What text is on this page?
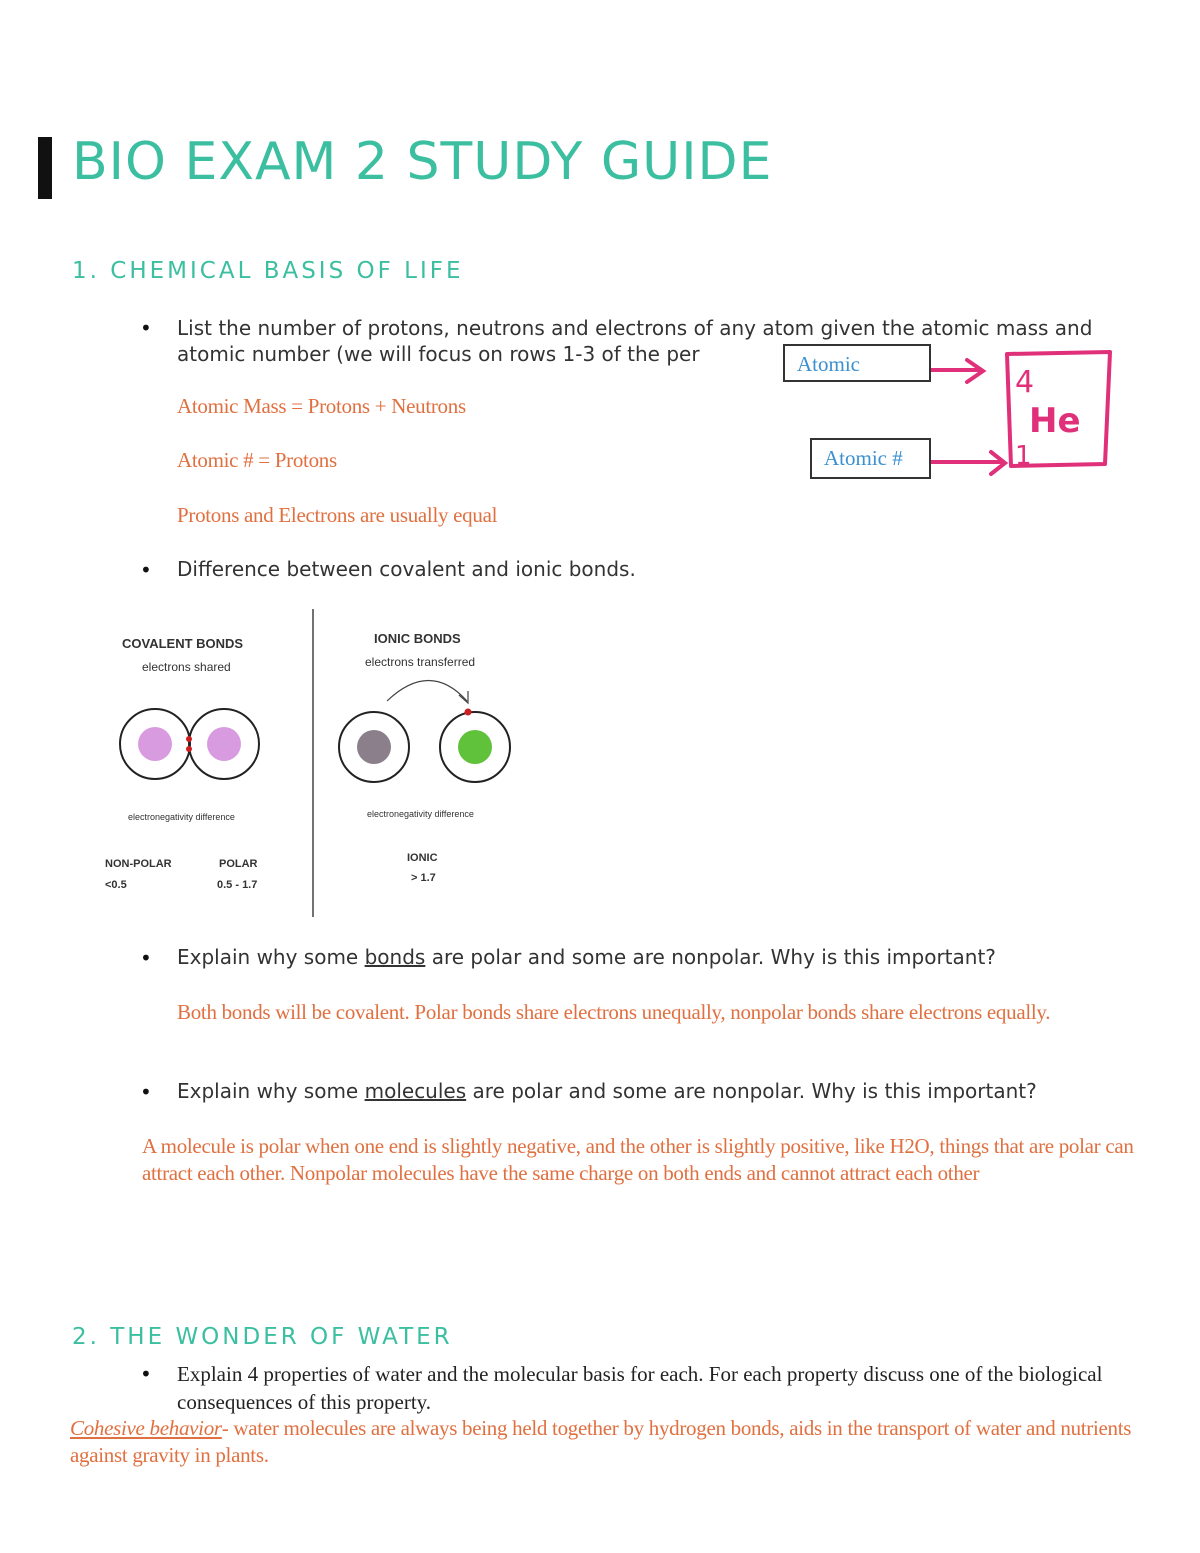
BIO EXAM 2 STUDY GUIDE
1. CHEMICAL BASIS OF LIFE
• List the number of protons, neutrons and electrons of any atom given the atomic mass and atomic number (we will focus on rows 1-3 of the per
Atomic Mass = Protons + Neutrons
Atomic # = Protons
Protons and Electrons are usually equal
Atomic
Atomic #
4
He
1
• Difference between covalent and ionic bonds.
COVALENT BONDS
electrons shared
electronegativity difference
NON-POLAR
<0.5
POLAR
0.5 - 1.7
IONIC BONDS
electrons transferred
electronegativity difference
IONIC
> 1.7
• Explain why some bonds are polar and some are nonpolar. Why is this important?
Both bonds will be covalent. Polar bonds share electrons unequally, nonpolar bonds share electrons equally.
• Explain why some molecules are polar and some are nonpolar. Why is this important?
A molecule is polar when one end is slightly negative, and the other is slightly positive, like H2O, things that are polar can attract each other. Nonpolar molecules have the same charge on both ends and cannot attract each other
2. THE WONDER OF WATER
• Explain 4 properties of water and the molecular basis for each. For each property discuss one of the biological consequences of this property.
Cohesive behavior- water molecules are always being held together by hydrogen bonds, aids in the transport of water and nutrients against gravity in plants.
